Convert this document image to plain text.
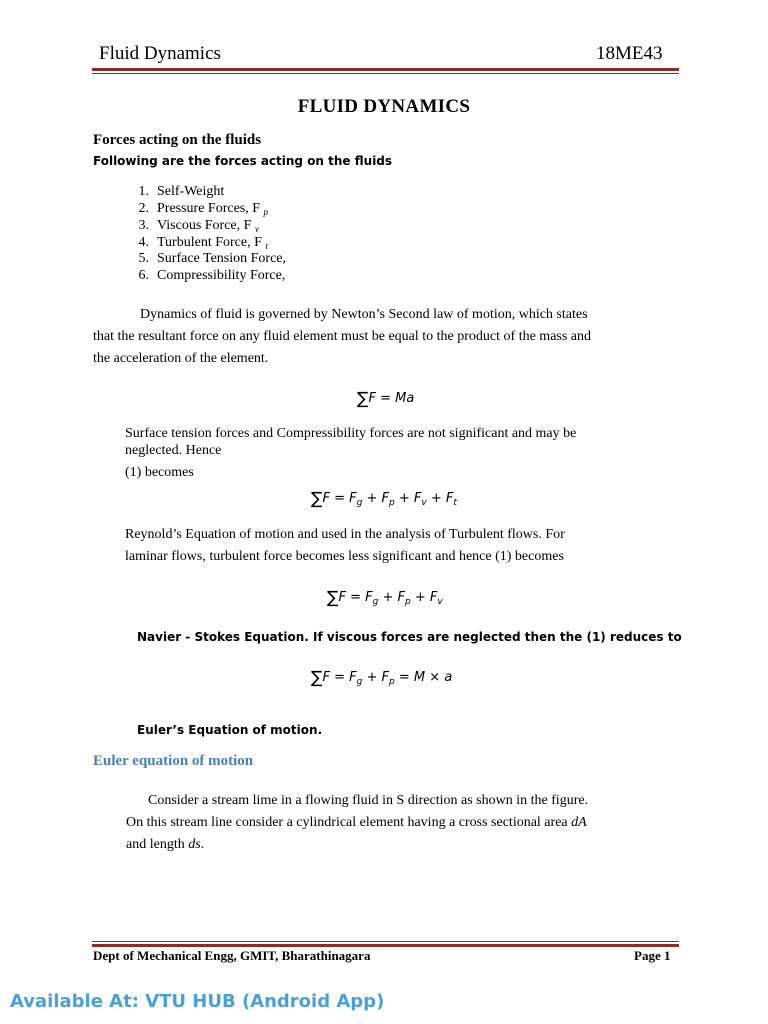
Fluid Dynamics	18ME43
FLUID DYNAMICS
Forces acting on the fluids
Following are the forces acting on the fluids
1. Self-Weight
2. Pressure Forces, F $_p$
3. Viscous Force, F $_v$
4. Turbulent Force, F $_t$
5. Surface Tension Force,
6. Compressibility Force,
Dynamics of fluid is governed by Newton’s Second law of motion, which states
that the resultant force on any fluid element must be equal to the product of the mass and
the acceleration of the element.
∑F = Ma
Surface tension forces and Compressibility forces are not significant and may be
neglected. Hence
(1) becomes
$\sum F = F_g + F_p + F_v + F_t$
Reynold’s Equation of motion and used in the analysis of Turbulent flows. For
laminar flows, turbulent force becomes less significant and hence (1) becomes
$\sum F = F_g + F_p + F_v$
Navier - Stokes Equation. If viscous forces are neglected then the (1) reduces to
$\sum F = F_g + F_p = M \times a$
Euler’s Equation of motion.
Euler equation of motion
Consider a stream lime in a flowing fluid in S direction as shown in the figure.
On this stream line consider a cylindrical element having a cross sectional area dA
and length ds.
Dept of Mechanical Engg, GMIT, Bharathinagara	Page 1
Available At: VTU HUB (Android App)
